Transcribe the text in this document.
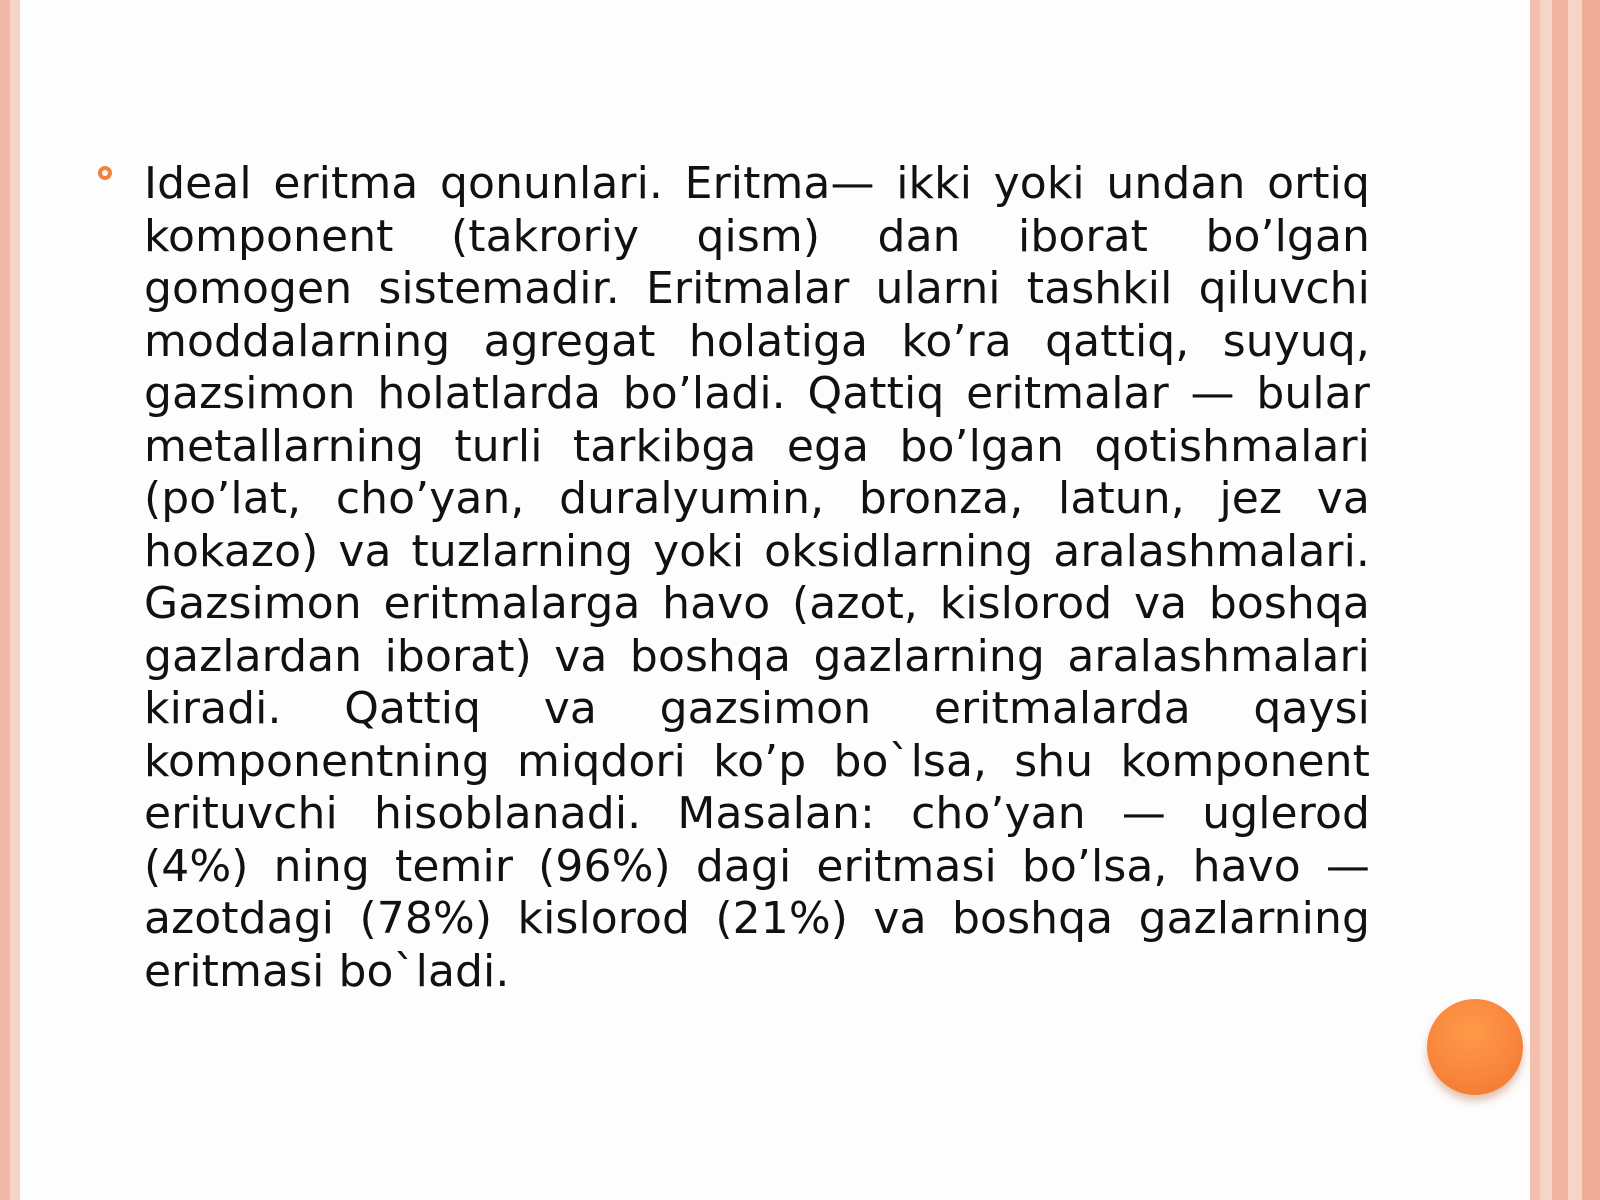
Ideal eritma qonunlari. Eritma— ikki yoki undan ortiq komponent (takroriy qism) dan iborat bo’lgan gomogen sistemadir. Eritmalar ularni tashkil qiluvchi moddalarning agregat holatiga ko’ra qattiq, suyuq, gazsimon holatlarda bo’ladi. Qattiq eritmalar — bular metallarning turli tarkibga ega bo’lgan qotishmalari (po’lat, cho’yan, duralyumin, bronza, latun, jez va hokazo) va tuzlarning yoki oksidlarning aralashmalari. Gazsimon eritmalarga havo (azot, kislorod va boshqa gazlardan iborat) va boshqa gazlarning aralashmalari kiradi. Qattiq va gazsimon eritmalarda qaysi komponentning miqdori ko’p bo`lsa, shu komponent erituvchi hisoblanadi. Masalan: cho’yan — uglerod (4%) ning temir (96%) dagi eritmasi bo’lsa, havo — azotdagi (78%) kislorod (21%) va boshqa gazlarning eritmasi bo`ladi.
